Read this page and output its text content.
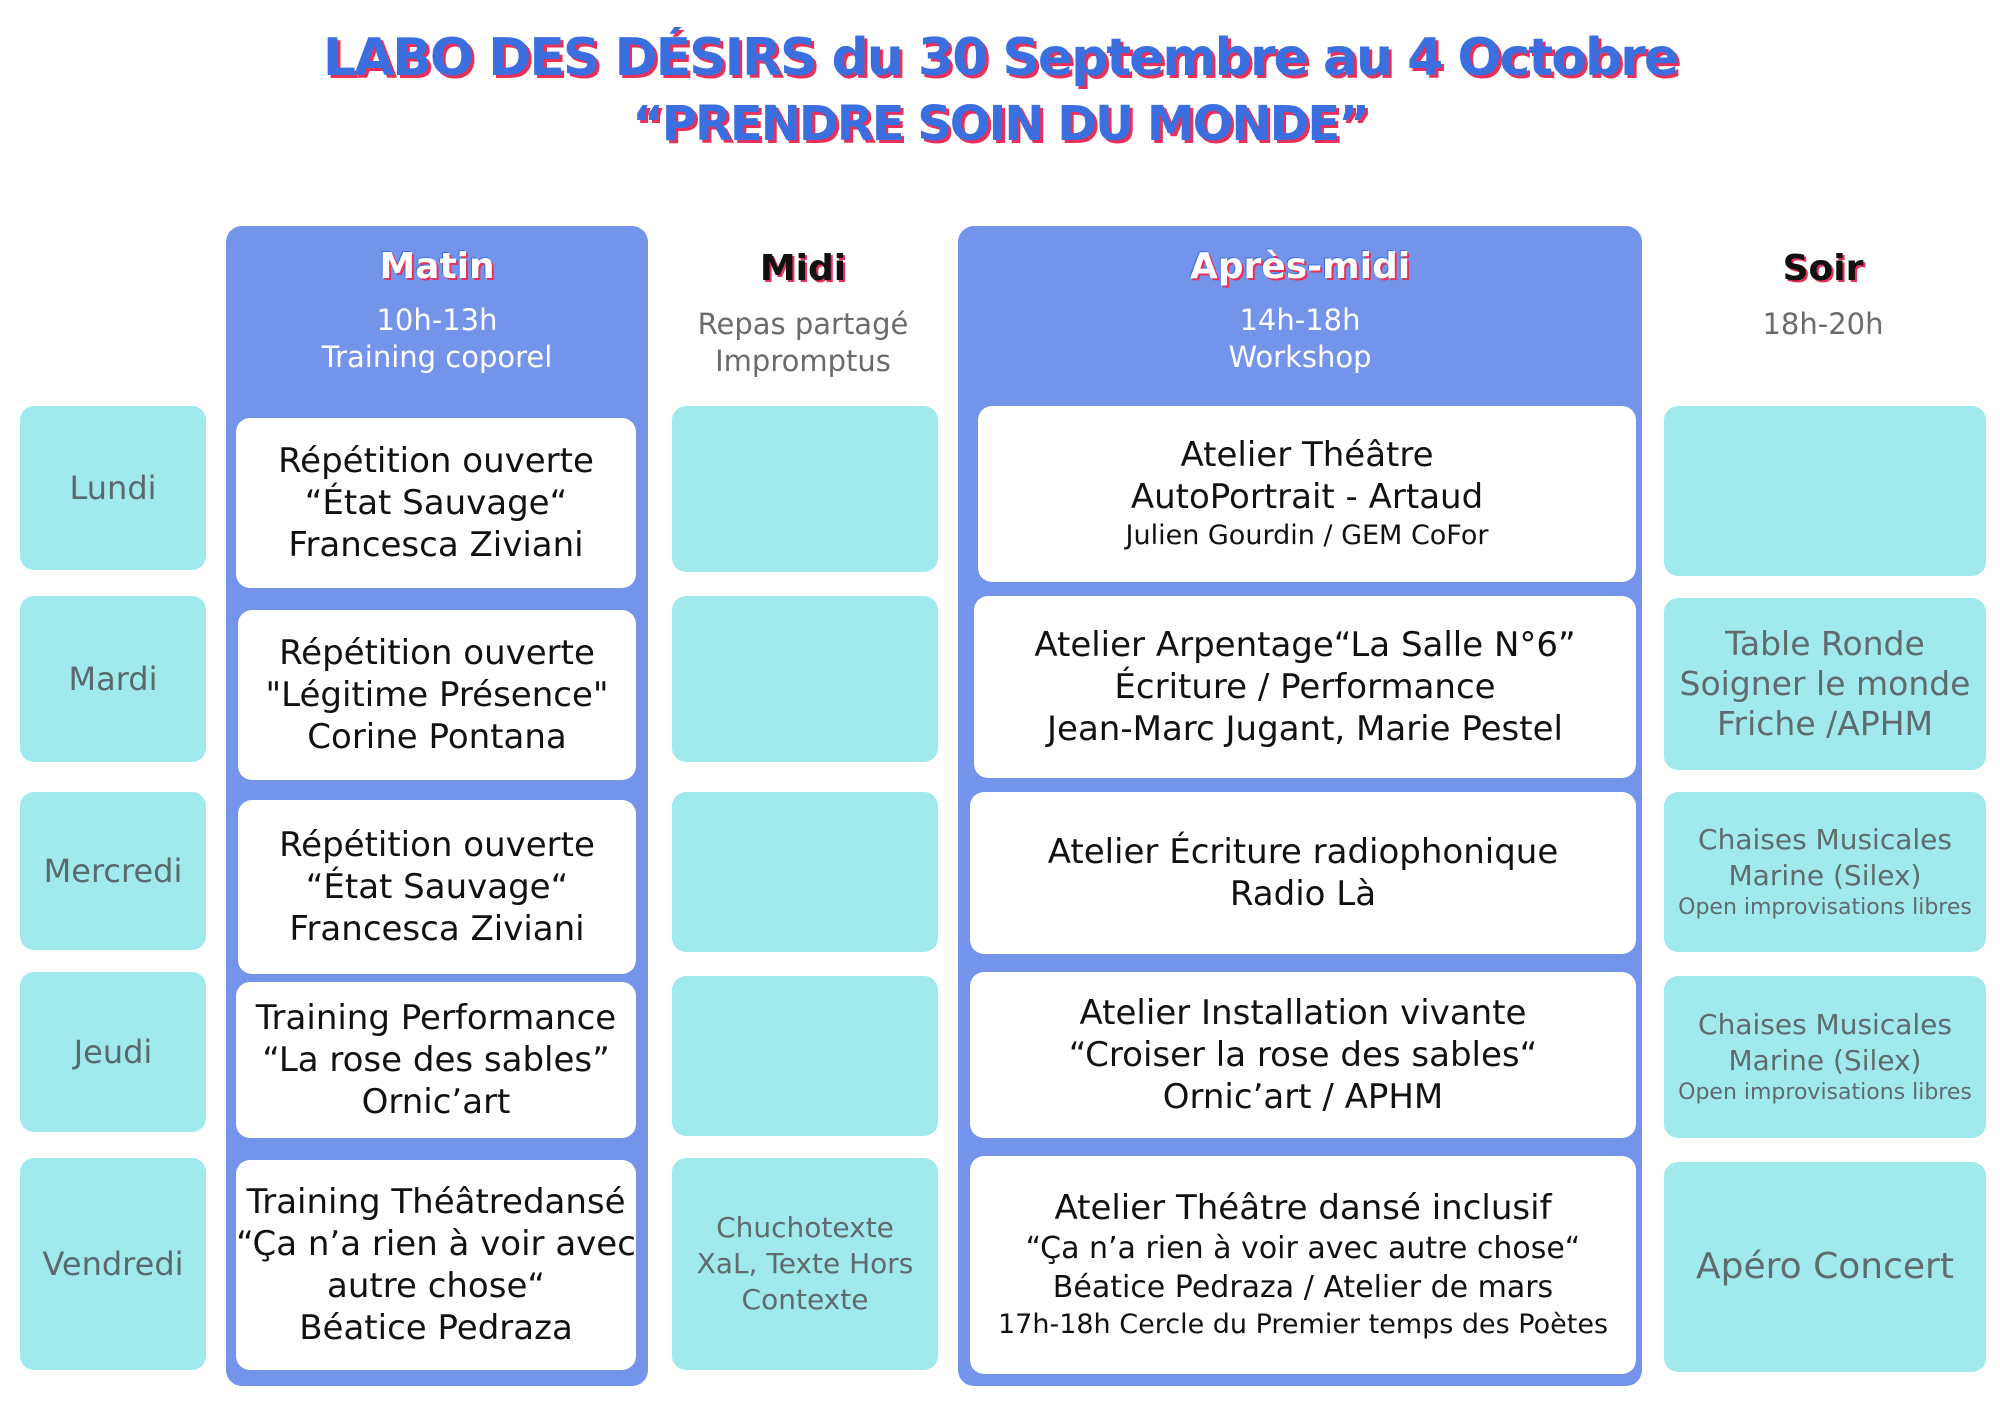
LABO DES DÉSIRS du 30 Septembre au 4 Octobre
“PRENDRE SOIN DU MONDE”
Matin
10h-13h
Training coporel
Midi
Repas partagé
Impromptus
Après-midi
14h-18h
Workshop
Soir
18h-20h
Lundi
Mardi
Mercredi
Jeudi
Vendredi
Répétition ouverte
“État Sauvage“
Francesca Ziviani
Répétition ouverte
"Légitime Présence"
Corine Pontana
Répétition ouverte
“État Sauvage“
Francesca Ziviani
Training Performance
“La rose des sables”
Ornic’art
Training Théâtredansé
“Ça n’a rien à voir avec
autre chose“
Béatice Pedraza
Chuchotexte
XaL, Texte Hors
Contexte
Atelier Théâtre
AutoPortrait - Artaud
Julien Gourdin / GEM CoFor
Atelier Arpentage“La Salle N°6”
Écriture / Performance
Jean-Marc Jugant, Marie Pestel
Atelier Écriture radiophonique
Radio Là
Atelier Installation vivante
“Croiser la rose des sables“
Ornic’art / APHM
Atelier Théâtre dansé inclusif
“Ça n’a rien à voir avec autre chose“
Béatice Pedraza / Atelier de mars
17h-18h Cercle du Premier temps des Poètes
Table Ronde
Soigner le monde
Friche /APHM
Chaises Musicales
Marine (Silex)
Open improvisations libres
Chaises Musicales
Marine (Silex)
Open improvisations libres
Apéro Concert
